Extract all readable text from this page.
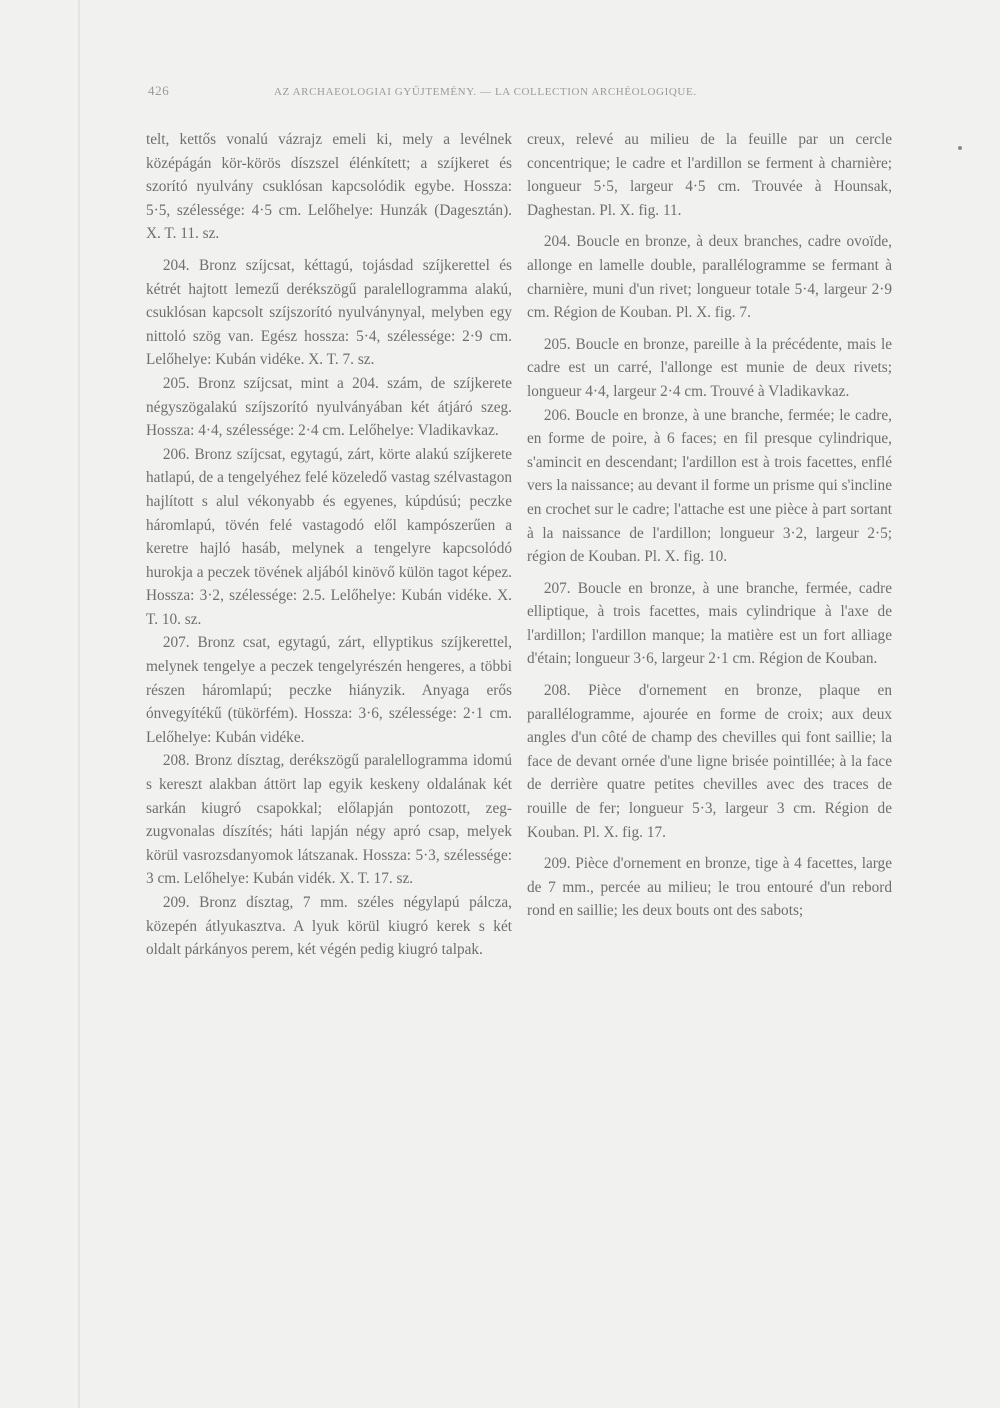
426	AZ ARCHAEOLOGIAI GYŰJTEMÉNY. — LA COLLECTION ARCHÉOLOGIQUE.

telt, kettős vonalú vázrajz emeli ki, mely a levélnek középágán kör-körös díszszel élénkített; a szíjkeret és szorító nyulvány csuklósan kapcsolódik egybe. Hossza: 5·5, szélessége: 4·5 cm. Lelőhelye: Hunzák (Dagesztán). X. T. 11. sz.

204. Bronz szíjcsat, kéttagú, tojásdad szíjkerettel és kétrét hajtott lemezű derékszögű paralellogramma alakú, csuklósan kapcsolt szíjszorító nyulványnyal, melyben egy nittoló szög van. Egész hossza: 5·4, szélessége: 2·9 cm. Lelőhelye: Kubán vidéke. X. T. 7. sz.

205. Bronz szíjcsat, mint a 204. szám, de szíjkerete négyszögalakú szíjszorító nyulványában két átjáró szeg. Hossza: 4·4, szélessége: 2·4 cm. Lelőhelye: Vladikavkaz.

206. Bronz szíjcsat, egytagú, zárt, körte alakú szíjkerete hatlapú, de a tengelyéhez felé közeledő vastag szélvastagon hajlított s alul vékonyabb és egyenes, kúpdúsú; peczke háromlapú, tövén felé vastagodó elől kampószerűen a keretre hajló hasáb, melynek a tengelyre kapcsolódó hurokja a peczek tövének aljából kinövő külön tagot képez. Hossza: 3·2, szélessége: 2.5. Lelőhelye: Kubán vidéke. X. T. 10. sz.

207. Bronz csat, egytagú, zárt, ellyptikus szíjkerettel, melynek tengelye a peczek tengelyrészén hengeres, a többi részen háromlapú; peczke hiányzik. Anyaga erős ónvegyítékű (tükörfém). Hossza: 3·6, szélessége: 2·1 cm. Lelőhelye: Kubán vidéke.

208. Bronz dísztag, derékszögű paralellogramma idomú s kereszt alakban áttört lap egyik keskeny oldalának két sarkán kiugró csapokkal; előlapján pontozott, zeg-zugvonalas díszítés; háti lapján négy apró csap, melyek körül vasrozsdanyomok látszanak. Hossza: 5·3, szélessége: 3 cm. Lelőhelye: Kubán vidék. X. T. 17. sz.

209. Bronz dísztag, 7 mm. széles négylapú pálcza, közepén átlyukasztva. A lyuk körül kiugró kerek s két oldalt párkányos perem, két végén pedig kiugró talpak.

creux, relevé au milieu de la feuille par un cercle concentrique; le cadre et l'ardillon se ferment à charnière; longueur 5·5, largeur 4·5 cm. Trouvée à Hounsak, Daghestan. Pl. X. fig. 11.

204. Boucle en bronze, à deux branches, cadre ovoïde, allonge en lamelle double, parallélogramme se fermant à charnière, muni d'un rivet; longueur totale 5·4, largeur 2·9 cm. Région de Kouban. Pl. X. fig. 7.

205. Boucle en bronze, pareille à la précédente, mais le cadre est un carré, l'allonge est munie de deux rivets; longueur 4·4, largeur 2·4 cm. Trouvé à Vladikavkaz.

206. Boucle en bronze, à une branche, fermée; le cadre, en forme de poire, à 6 faces; en fil presque cylindrique, s'amincit en descendant; l'ardillon est à trois facettes, enflé vers la naissance; au devant il forme un prisme qui s'incline en crochet sur le cadre; l'attache est une pièce à part sortant à la naissance de l'ardillon; longueur 3·2, largeur 2·5; région de Kouban. Pl. X. fig. 10.

207. Boucle en bronze, à une branche, fermée, cadre elliptique, à trois facettes, mais cylindrique à l'axe de l'ardillon; l'ardillon manque; la matière est un fort alliage d'étain; longueur 3·6, largeur 2·1 cm. Région de Kouban.

208. Pièce d'ornement en bronze, plaque en parallélogramme, ajourée en forme de croix; aux deux angles d'un côté de champ des chevilles qui font saillie; la face de devant ornée d'une ligne brisée pointillée; à la face de derrière quatre petites chevilles avec des traces de rouille de fer; longueur 5·3, largeur 3 cm. Région de Kouban. Pl. X. fig. 17.

209. Pièce d'ornement en bronze, tige à 4 facettes, large de 7 mm., percée au milieu; le trou entouré d'un rebord rond en saillie; les deux bouts ont des sabots;
